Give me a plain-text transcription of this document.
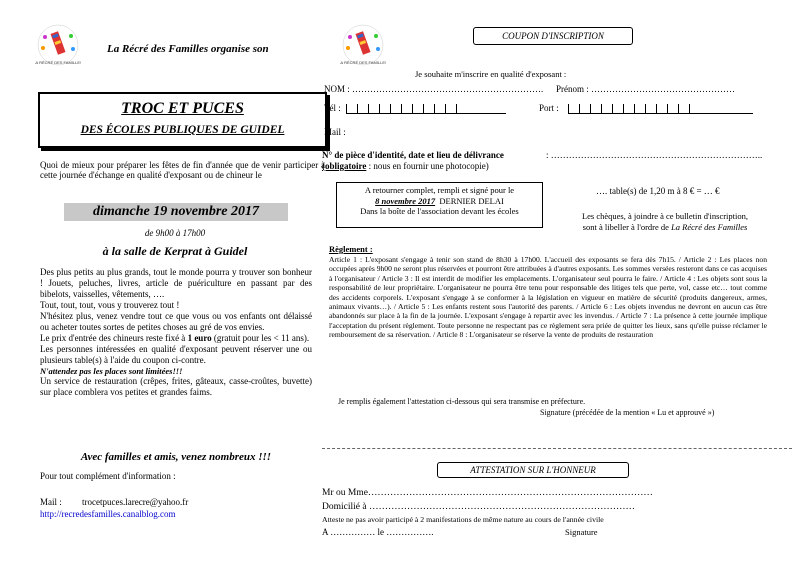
LA RÉCRÉ DES FAMILLES
La Récré des Familles organise son
TROC ET PUCES
DES ÉCOLES PUBLIQUES DE GUIDEL
Quoi de mieux pour préparer les fêtes de fin d'année que de venir participer à cette journée d'échange en qualité d'exposant ou de chineur le
dimanche 19 novembre 2017
de 9h00 à 17h00
à la salle de Kerprat à Guidel
Des plus petits au plus grands, tout le monde pourra y trouver son bonheur ! Jouets, peluches, livres, article de puériculture en passant par des bibelots, vaisselles, vêtements, ….
Tout, tout, tout, vous y trouverez tout !
N'hésitez plus, venez vendre tout ce que vous ou vos enfants ont délaissé ou acheter toutes sortes de petites choses au gré de vos envies.
Le prix d'entrée des chineurs reste fixé à 1 euro (gratuit pour les < 11 ans).
Les personnes intéressées en qualité d'exposant peuvent réserver une ou plusieurs table(s) à l'aide du coupon ci-contre.
N'attendez pas les places sont limitées!!!
Un service de restauration (crêpes, frites, gâteaux, casse-croûtes, buvette) sur place comblera vos petites et grandes faims.
Avec familles et amis, venez nombreux !!!
Pour tout complément d'information :
Mail : trocetpuces.larecre@yahoo.fr
http://recredesfamilles.canalblog.com
LA RÉCRÉ DES FAMILLES
COUPON D'INSCRIPTION
Je souhaite m'inscrire en qualité d'exposant :
NOM : ………………………………………………………. Prénom : …………………………………………
Tél :	Port :
Mail :
N° de pièce d'identité, date et lieu de délivrance	: ……………………………………………………………..
(obligatoire : nous en fournir une photocopie)
A retourner complet, rempli et signé pour le
8 novembre 2017 DERNIER DELAI
Dans la boîte de l'association devant les écoles
…. table(s) de 1,20 m à 8 € = … €
Les chèques, à joindre à ce bulletin d'inscription,
sont à libeller à l'ordre de La Récré des Familles
Règlement :
Article 1 : L'exposant s'engage à tenir son stand de 8h30 à 17h00. L'accueil des exposants se fera dès 7h15. / Article 2 : Les places non occupées après 9h00 ne seront plus réservées et pourront être attribuées à d'autres exposants. Les sommes versées resteront dans ce cas acquises à l'organisateur / Article 3 : Il est interdit de modifier les emplacements. L'organisateur seul pourra le faire. / Article 4 : Les objets sont sous la responsabilité de leur propriétaire. L'organisateur ne pourra être tenu pour responsable des litiges tels que perte, vol, casse etc… tout comme des accidents corporels. L'exposant s'engage à se conformer à la législation en vigueur en matière de sécurité (produits dangereux, armes, animaux vivants…). / Article 5 : Les enfants restent sous l'autorité des parents. / Article 6 : Les objets invendus ne devront en aucun cas être abandonnés sur place à la fin de la journée. L'exposant s'engage à repartir avec les invendus. / Article 7 : La présence à cette journée implique l'acceptation du présent règlement. Toute personne ne respectant pas ce règlement sera priée de quitter les lieux, sans qu'elle puisse réclamer le remboursement de sa réservation. / Article 8 : L'organisateur se réserve la vente de produits de restauration
Je remplis également l'attestation ci-dessous qui sera transmise en préfecture.
Signature (précédée de la mention « Lu et approuvé »)
ATTESTATION SUR L'HONNEUR
Mr ou Mme………………………………………………………………………………
Domicilié à …………………………………………………………………………
Atteste ne pas avoir participé à 2 manifestations de même nature au cours de l'année civile
A …………… le …………….	Signature
